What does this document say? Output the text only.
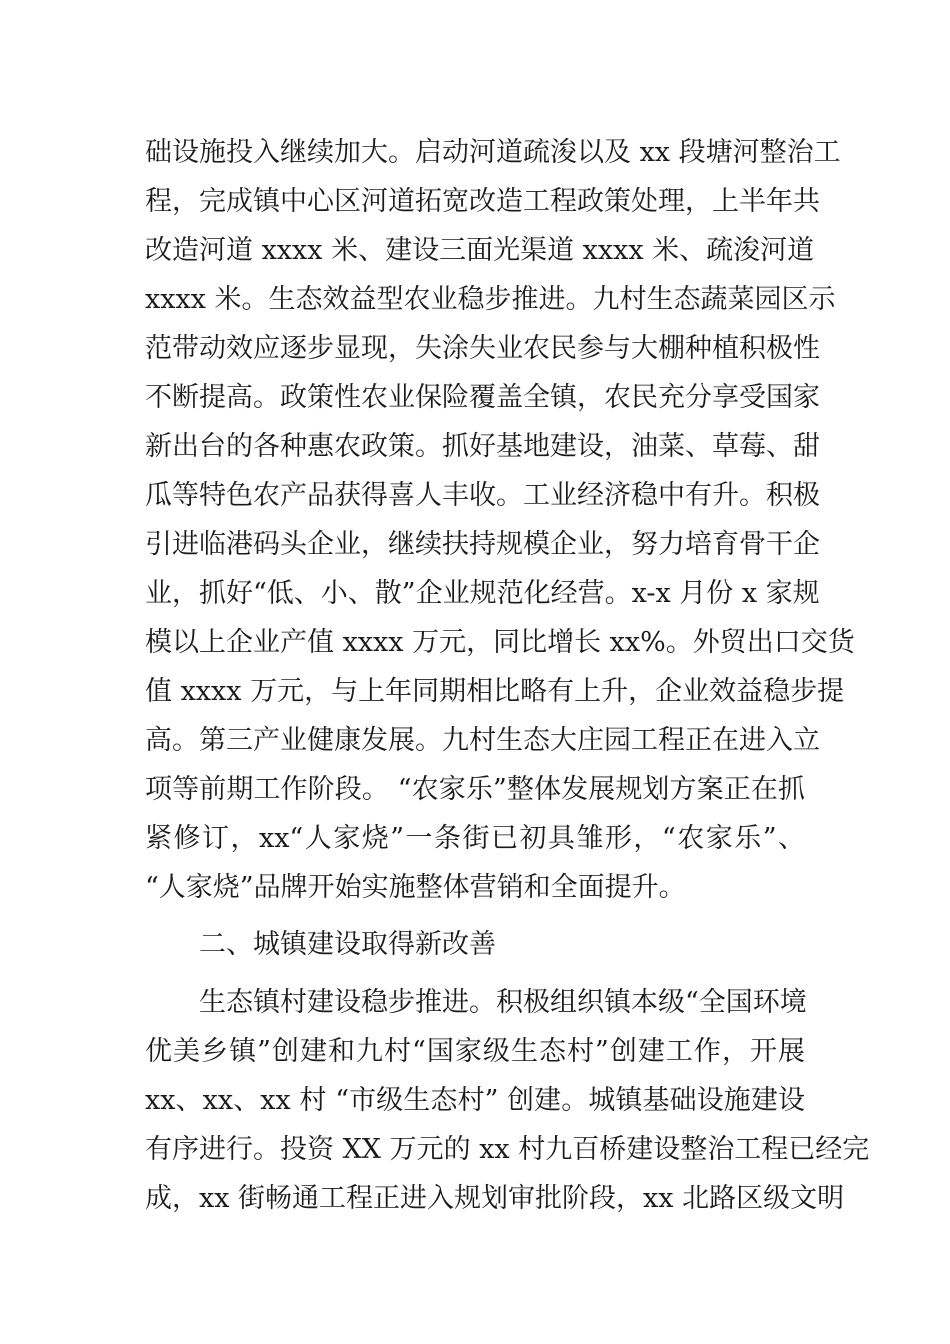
础设施投入继续加大。启动河道疏浚以及 xx 段塘河整治工
程，完成镇中心区河道拓宽改造工程政策处理，上半年共
改造河道 xxxx 米、建设三面光渠道 xxxx 米、疏浚河道
xxxx 米。生态效益型农业稳步推进。九村生态蔬菜园区示
范带动效应逐步显现，失涂失业农民参与大棚种植积极性
不断提高。政策性农业保险覆盖全镇，农民充分享受国家
新出台的各种惠农政策。抓好基地建设，油菜、草莓、甜
瓜等特色农产品获得喜人丰收。工业经济稳中有升。积极
引进临港码头企业，继续扶持规模企业，努力培育骨干企
业，抓好“低、小、散”企业规范化经营。x-x 月份 x 家规
模以上企业产值 xxxx 万元，同比增长 xx%。外贸出口交货
值 xxxx 万元，与上年同期相比略有上升，企业效益稳步提
高。第三产业健康发展。九村生态大庄园工程正在进入立
项等前期工作阶段。 “农家乐”整体发展规划方案正在抓
紧修订，xx“人家烧”一条街已初具雏形，“农家乐”、
“人家烧”品牌开始实施整体营销和全面提升。
二、城镇建设取得新改善
生态镇村建设稳步推进。积极组织镇本级“全国环境
优美乡镇”创建和九村“国家级生态村”创建工作，开展
xx、xx、xx 村 “市级生态村” 创建。城镇基础设施建设
有序进行。投资 XX 万元的 xx 村九百桥建设整治工程已经完
成，xx 街畅通工程正进入规划审批阶段，xx 北路区级文明
